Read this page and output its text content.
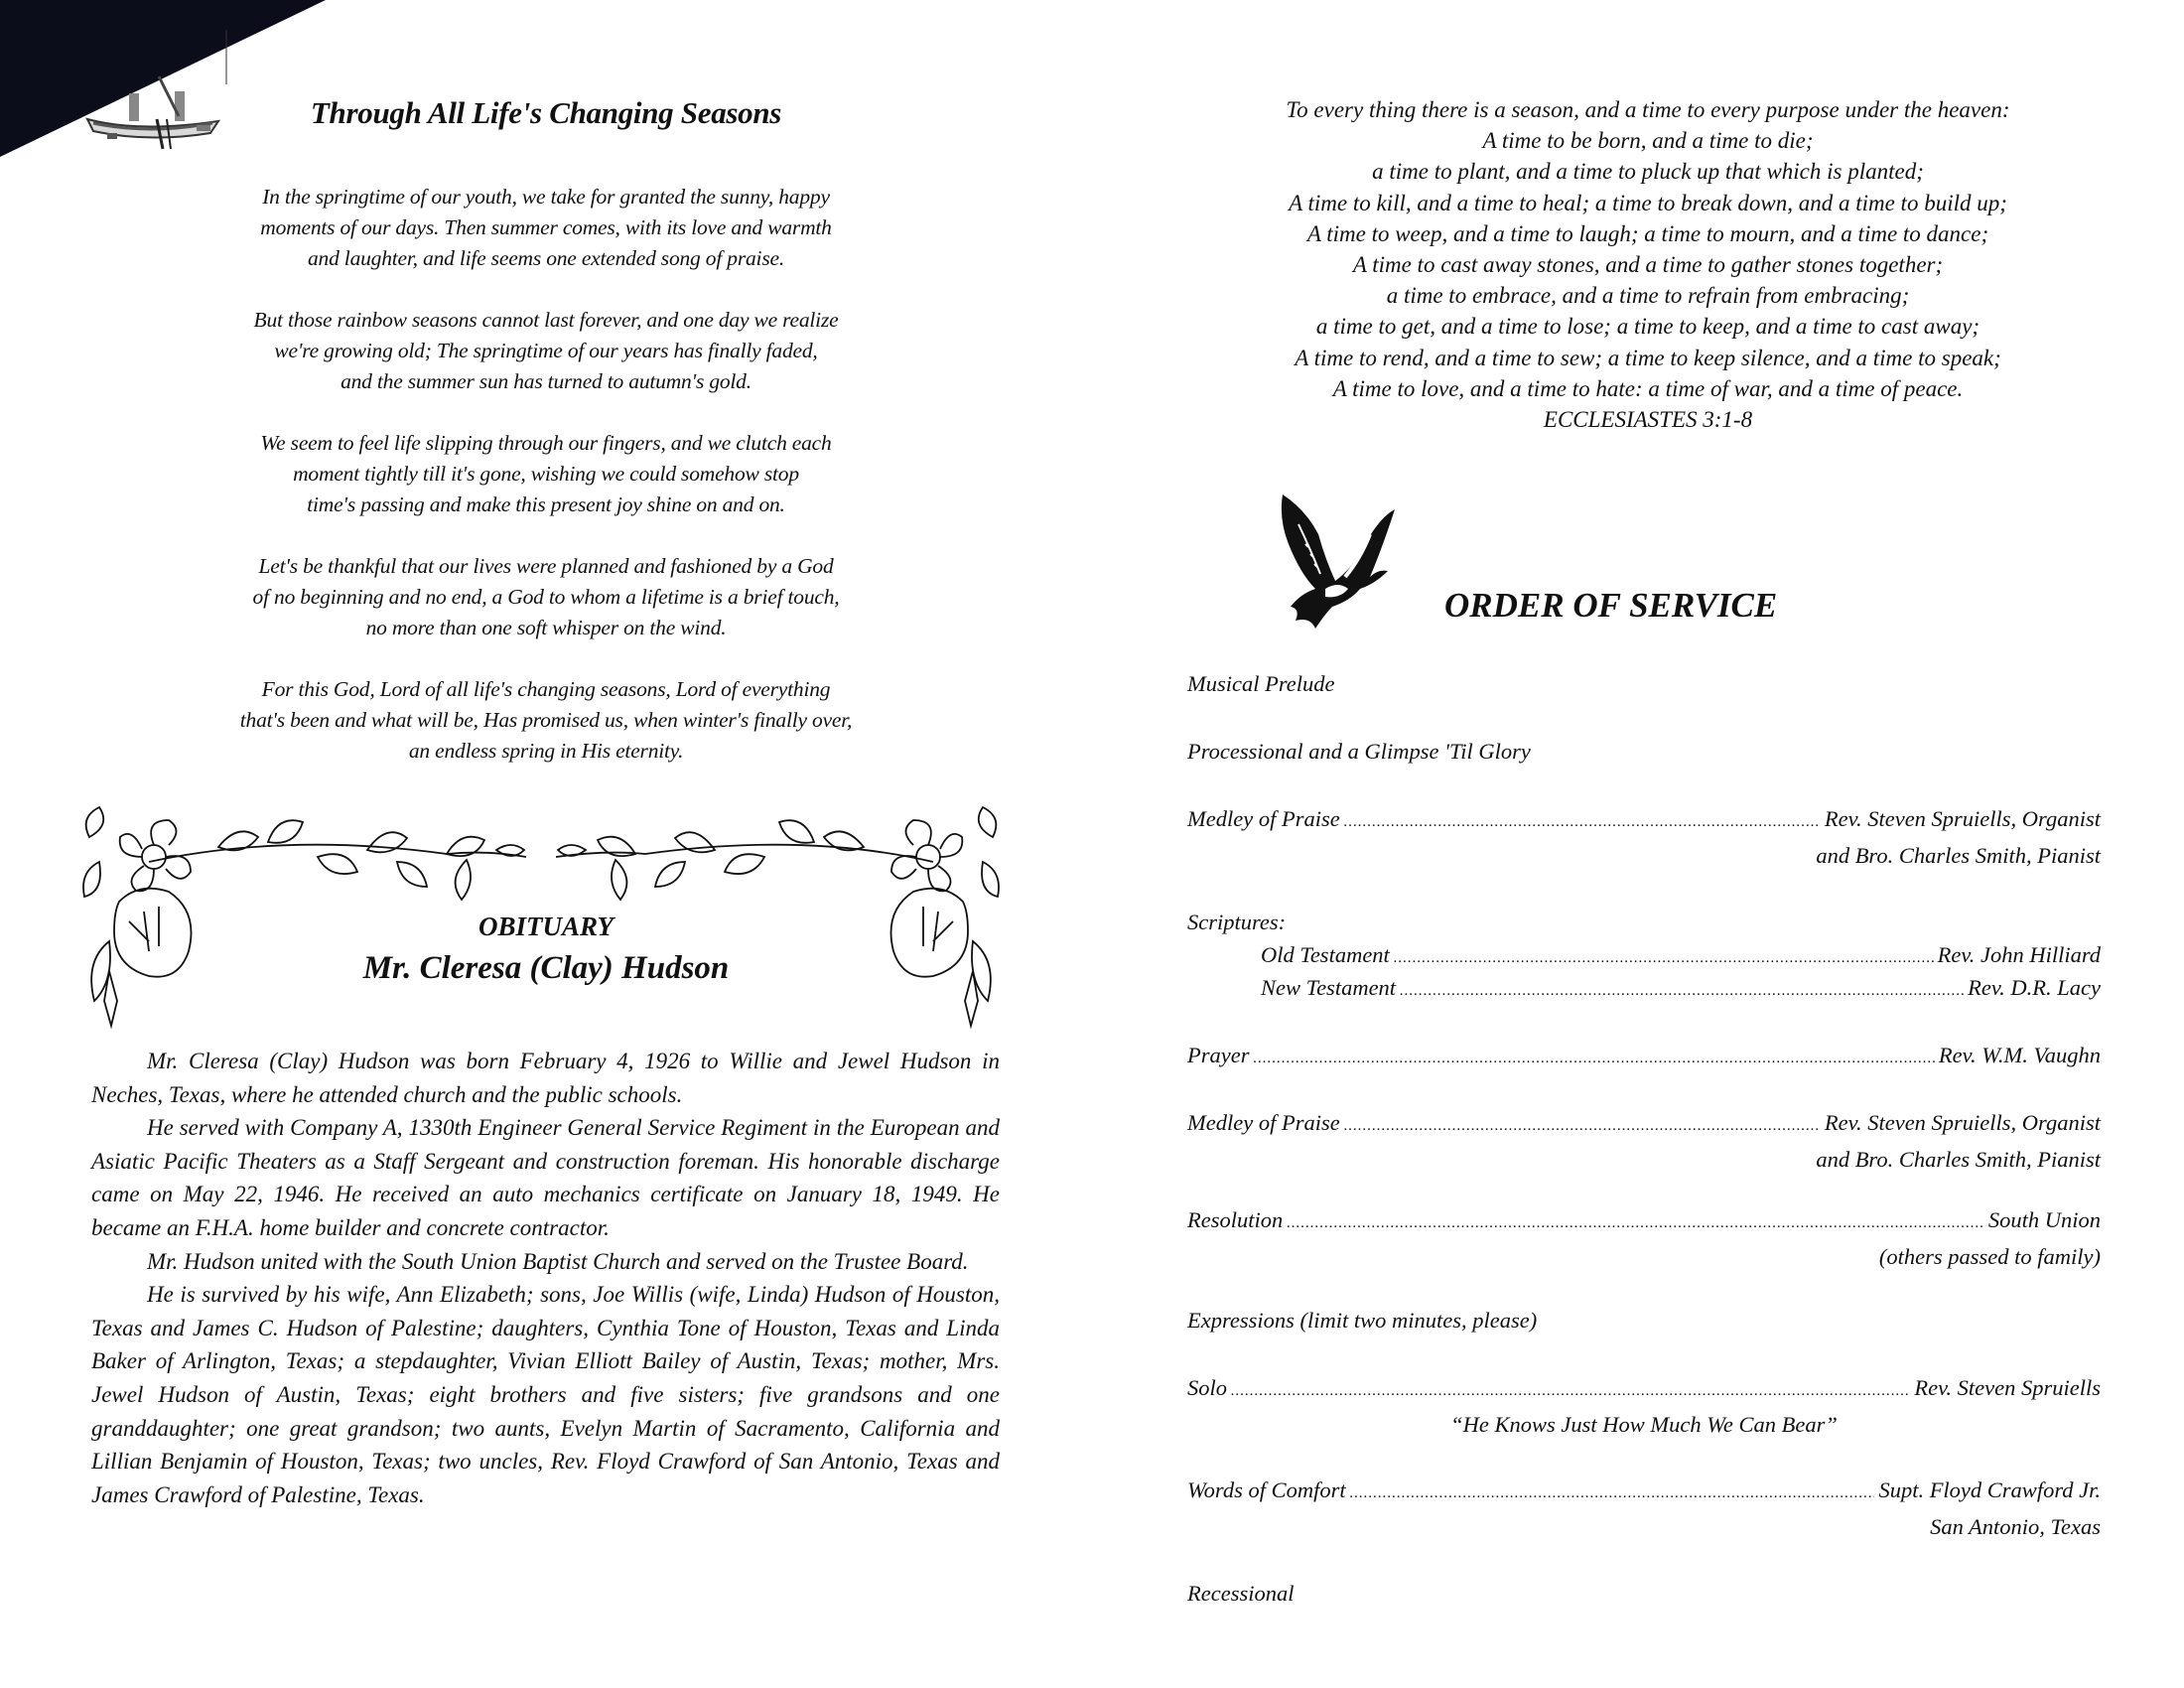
Through All Life's Changing Seasons
In the springtime of our youth, we take for granted the sunny, happy
moments of our days. Then summer comes, with its love and warmth
and laughter, and life seems one extended song of praise.
But those rainbow seasons cannot last forever, and one day we realize
we're growing old; The springtime of our years has finally faded,
and the summer sun has turned to autumn's gold.
We seem to feel life slipping through our fingers, and we clutch each
moment tightly till it's gone, wishing we could somehow stop
time's passing and make this present joy shine on and on.
Let's be thankful that our lives were planned and fashioned by a God
of no beginning and no end, a God to whom a lifetime is a brief touch,
no more than one soft whisper on the wind.
For this God, Lord of all life's changing seasons, Lord of everything
that's been and what will be, Has promised us, when winter's finally over,
an endless spring in His eternity.
OBITUARY
Mr. Cleresa (Clay) Hudson

Mr. Cleresa (Clay) Hudson was born February 4, 1926 to Willie and Jewel Hudson in Neches, Texas, where he attended church and the public schools.

He served with Company A, 1330th Engineer General Service Regiment in the European and Asiatic Pacific Theaters as a Staff Sergeant and construction foreman. His honorable discharge came on May 22, 1946. He received an auto mechanics certificate on January 18, 1949. He became an F.H.A. home builder and concrete contractor.

Mr. Hudson united with the South Union Baptist Church and served on the Trustee Board.

He is survived by his wife, Ann Elizabeth; sons, Joe Willis (wife, Linda) Hudson of Houston, Texas and James C. Hudson of Palestine; daughters, Cynthia Tone of Houston, Texas and Linda Baker of Arlington, Texas; a stepdaughter, Vivian Elliott Bailey of Austin, Texas; mother, Mrs. Jewel Hudson of Austin, Texas; eight brothers and five sisters; five grandsons and one granddaughter; one great grandson; two aunts, Evelyn Martin of Sacramento, California and Lillian Benjamin of Houston, Texas; two uncles, Rev. Floyd Crawford of San Antonio, Texas and James Crawford of Palestine, Texas.

To every thing there is a season, and a time to every purpose under the heaven:
A time to be born, and a time to die;
a time to plant, and a time to pluck up that which is planted;
A time to kill, and a time to heal; a time to break down, and a time to build up;
A time to weep, and a time to laugh; a time to mourn, and a time to dance;
A time to cast away stones, and a time to gather stones together;
a time to embrace, and a time to refrain from embracing;
a time to get, and a time to lose; a time to keep, and a time to cast away;
A time to rend, and a time to sew; a time to keep silence, and a time to speak;
A time to love, and a time to hate: a time of war, and a time of peace.
ECCLESIASTES 3:1-8
ORDER OF SERVICE
Musical Prelude
Processional and a Glimpse 'Til Glory
Medley of Praise .....	Rev. Steven Spruiells, Organist
and Bro. Charles Smith, Pianist
Scriptures:
Old Testament .....	Rev. John Hilliard
New Testament .....	Rev. D.R. Lacy
Prayer .....	Rev. W.M. Vaughn
Medley of Praise .....	Rev. Steven Spruiells, Organist
and Bro. Charles Smith, Pianist
Resolution .....	South Union
(others passed to family)
Expressions (limit two minutes, please)
Solo .....	Rev. Steven Spruiells
“He Knows Just How Much We Can Bear”
Words of Comfort .....	Supt. Floyd Crawford Jr.
San Antonio, Texas
Recessional
